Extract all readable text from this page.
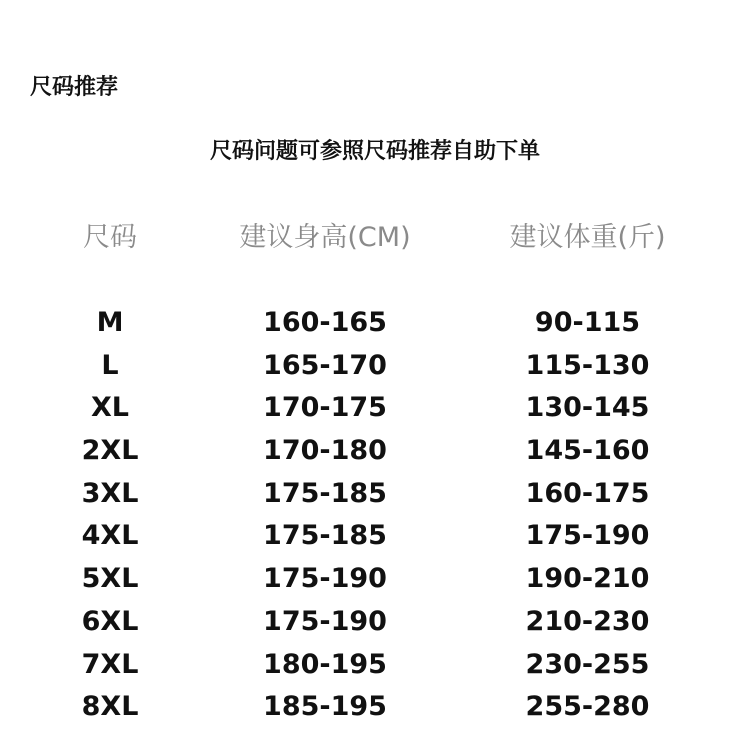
尺码推荐
尺码问题可参照尺码推荐自助下单
尺码	建议身高(CM)	建议体重(斤)
M	160-165	90-115
L	165-170	115-130
XL	170-175	130-145
2XL	170-180	145-160
3XL	175-185	160-175
4XL	175-185	175-190
5XL	175-190	190-210
6XL	175-190	210-230
7XL	180-195	230-255
8XL	185-195	255-280
